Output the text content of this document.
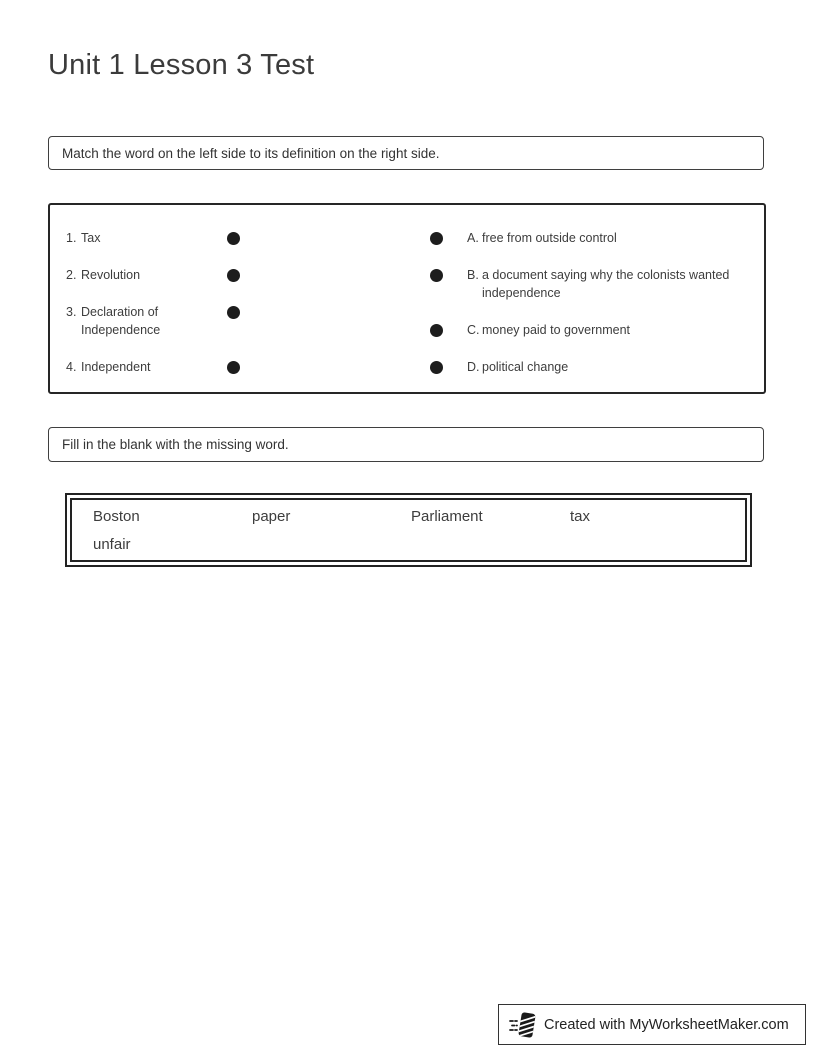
Unit 1 Lesson 3 Test
Match the word on the left side to its definition on the right side.
1. Tax
2. Revolution
3. Declaration of Independence
4. Independent
A. free from outside control
B. a document saying why the colonists wanted independence
C. money paid to government
D. political change
Fill in the blank with the missing word.
Boston	paper	Parliament	tax
unfair
Created with MyWorksheetMaker.com
